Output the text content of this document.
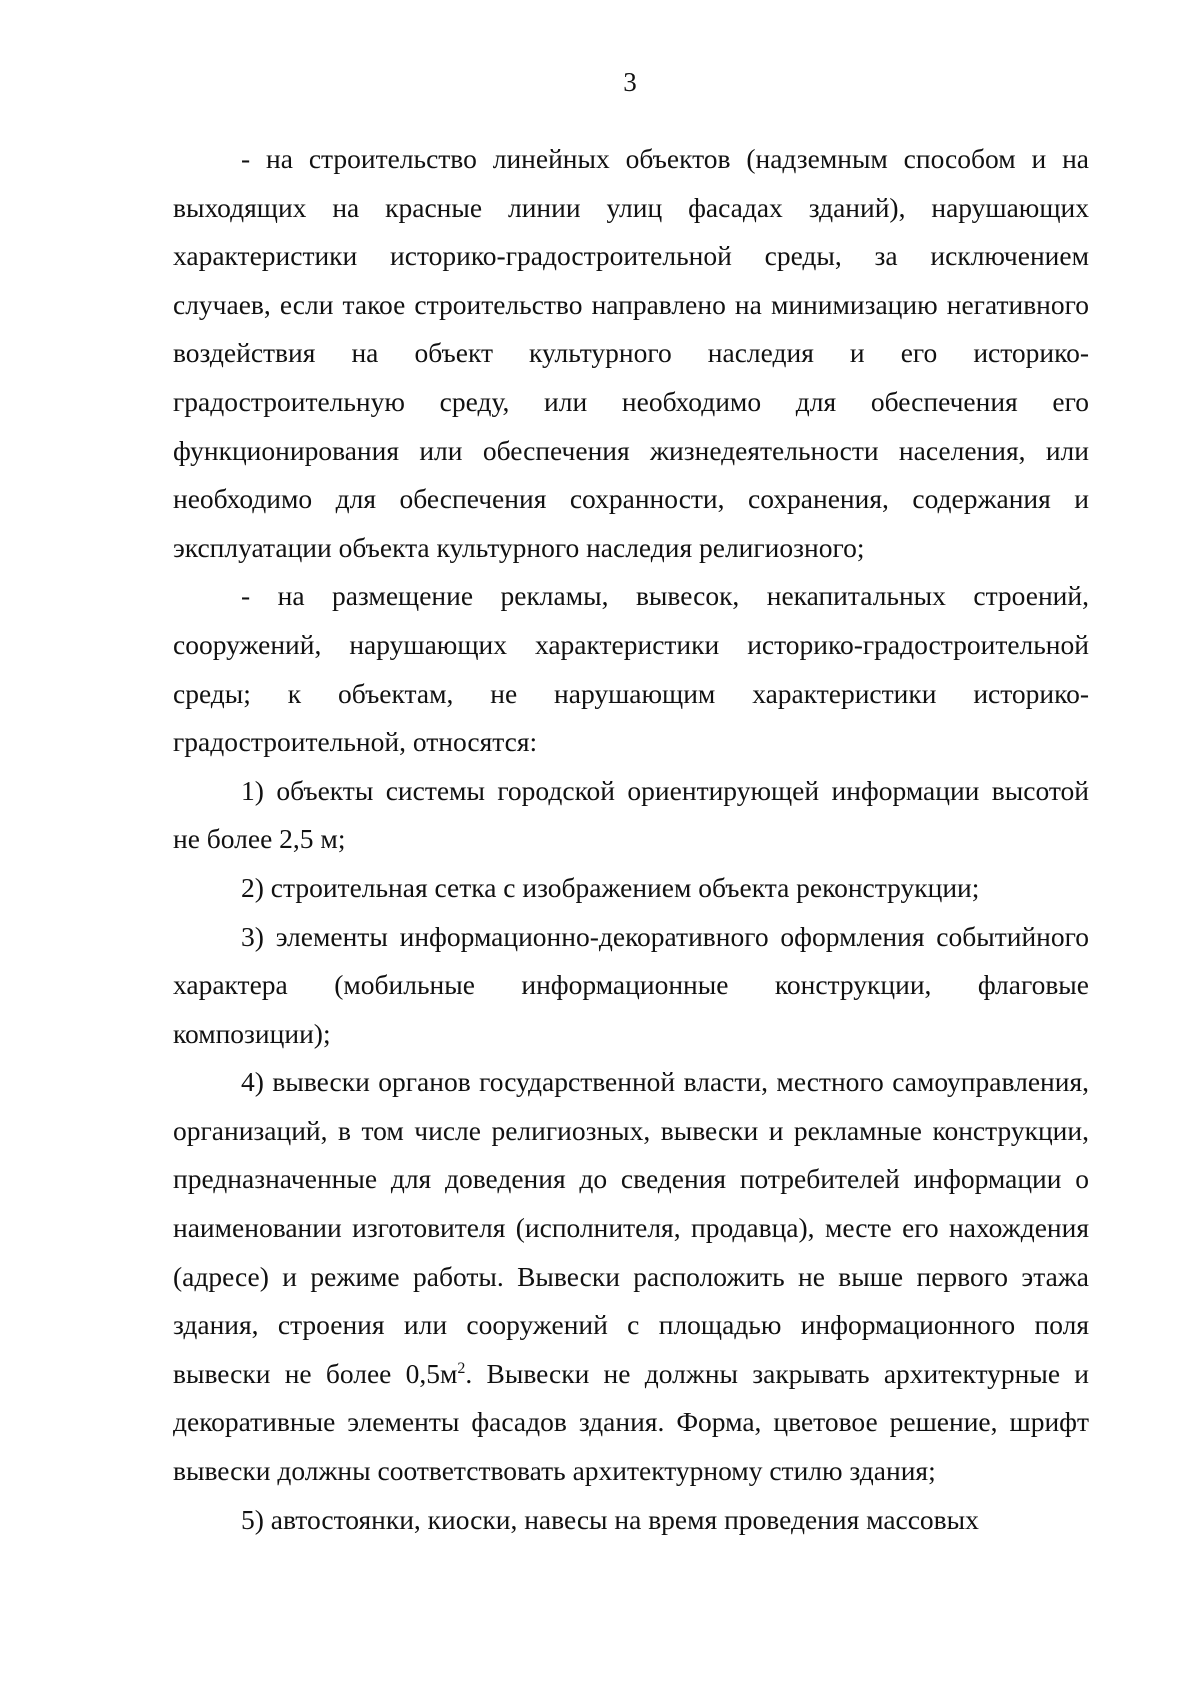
3

- на строительство линейных объектов (надземным способом и на выходящих на красные линии улиц фасадах зданий), нарушающих характеристики историко-градостроительной среды, за исключением случаев, если такое строительство направлено на минимизацию негативного воздействия на объект культурного наследия и его историко-градостроительную среду, или необходимо для обеспечения его функционирования или обеспечения жизнедеятельности населения, или необходимо для обеспечения сохранности, сохранения, содержания и эксплуатации объекта культурного наследия религиозного;

- на размещение рекламы, вывесок, некапитальных строений, сооружений, нарушающих характеристики историко-градостроительной среды; к объектам, не нарушающим характеристики историко-градостроительной, относятся:

1) объекты системы городской ориентирующей информации высотой не более 2,5 м;

2) строительная сетка с изображением объекта реконструкции;

3) элементы информационно-декоративного оформления событийного характера (мобильные информационные конструкции, флаговые композиции);

4) вывески органов государственной власти, местного самоуправления, организаций, в том числе религиозных, вывески и рекламные конструкции, предназначенные для доведения до сведения потребителей информации о наименовании изготовителя (исполнителя, продавца), месте его нахождения (адресе) и режиме работы. Вывески расположить не выше первого этажа здания, строения или сооружений с площадью информационного поля вывески не более $0,5м^2$. Вывески не должны закрывать архитектурные и декоративные элементы фасадов здания. Форма, цветовое решение, шрифт вывески должны соответствовать архитектурному стилю здания;

5) автостоянки, киоски, навесы на время проведения массовых
